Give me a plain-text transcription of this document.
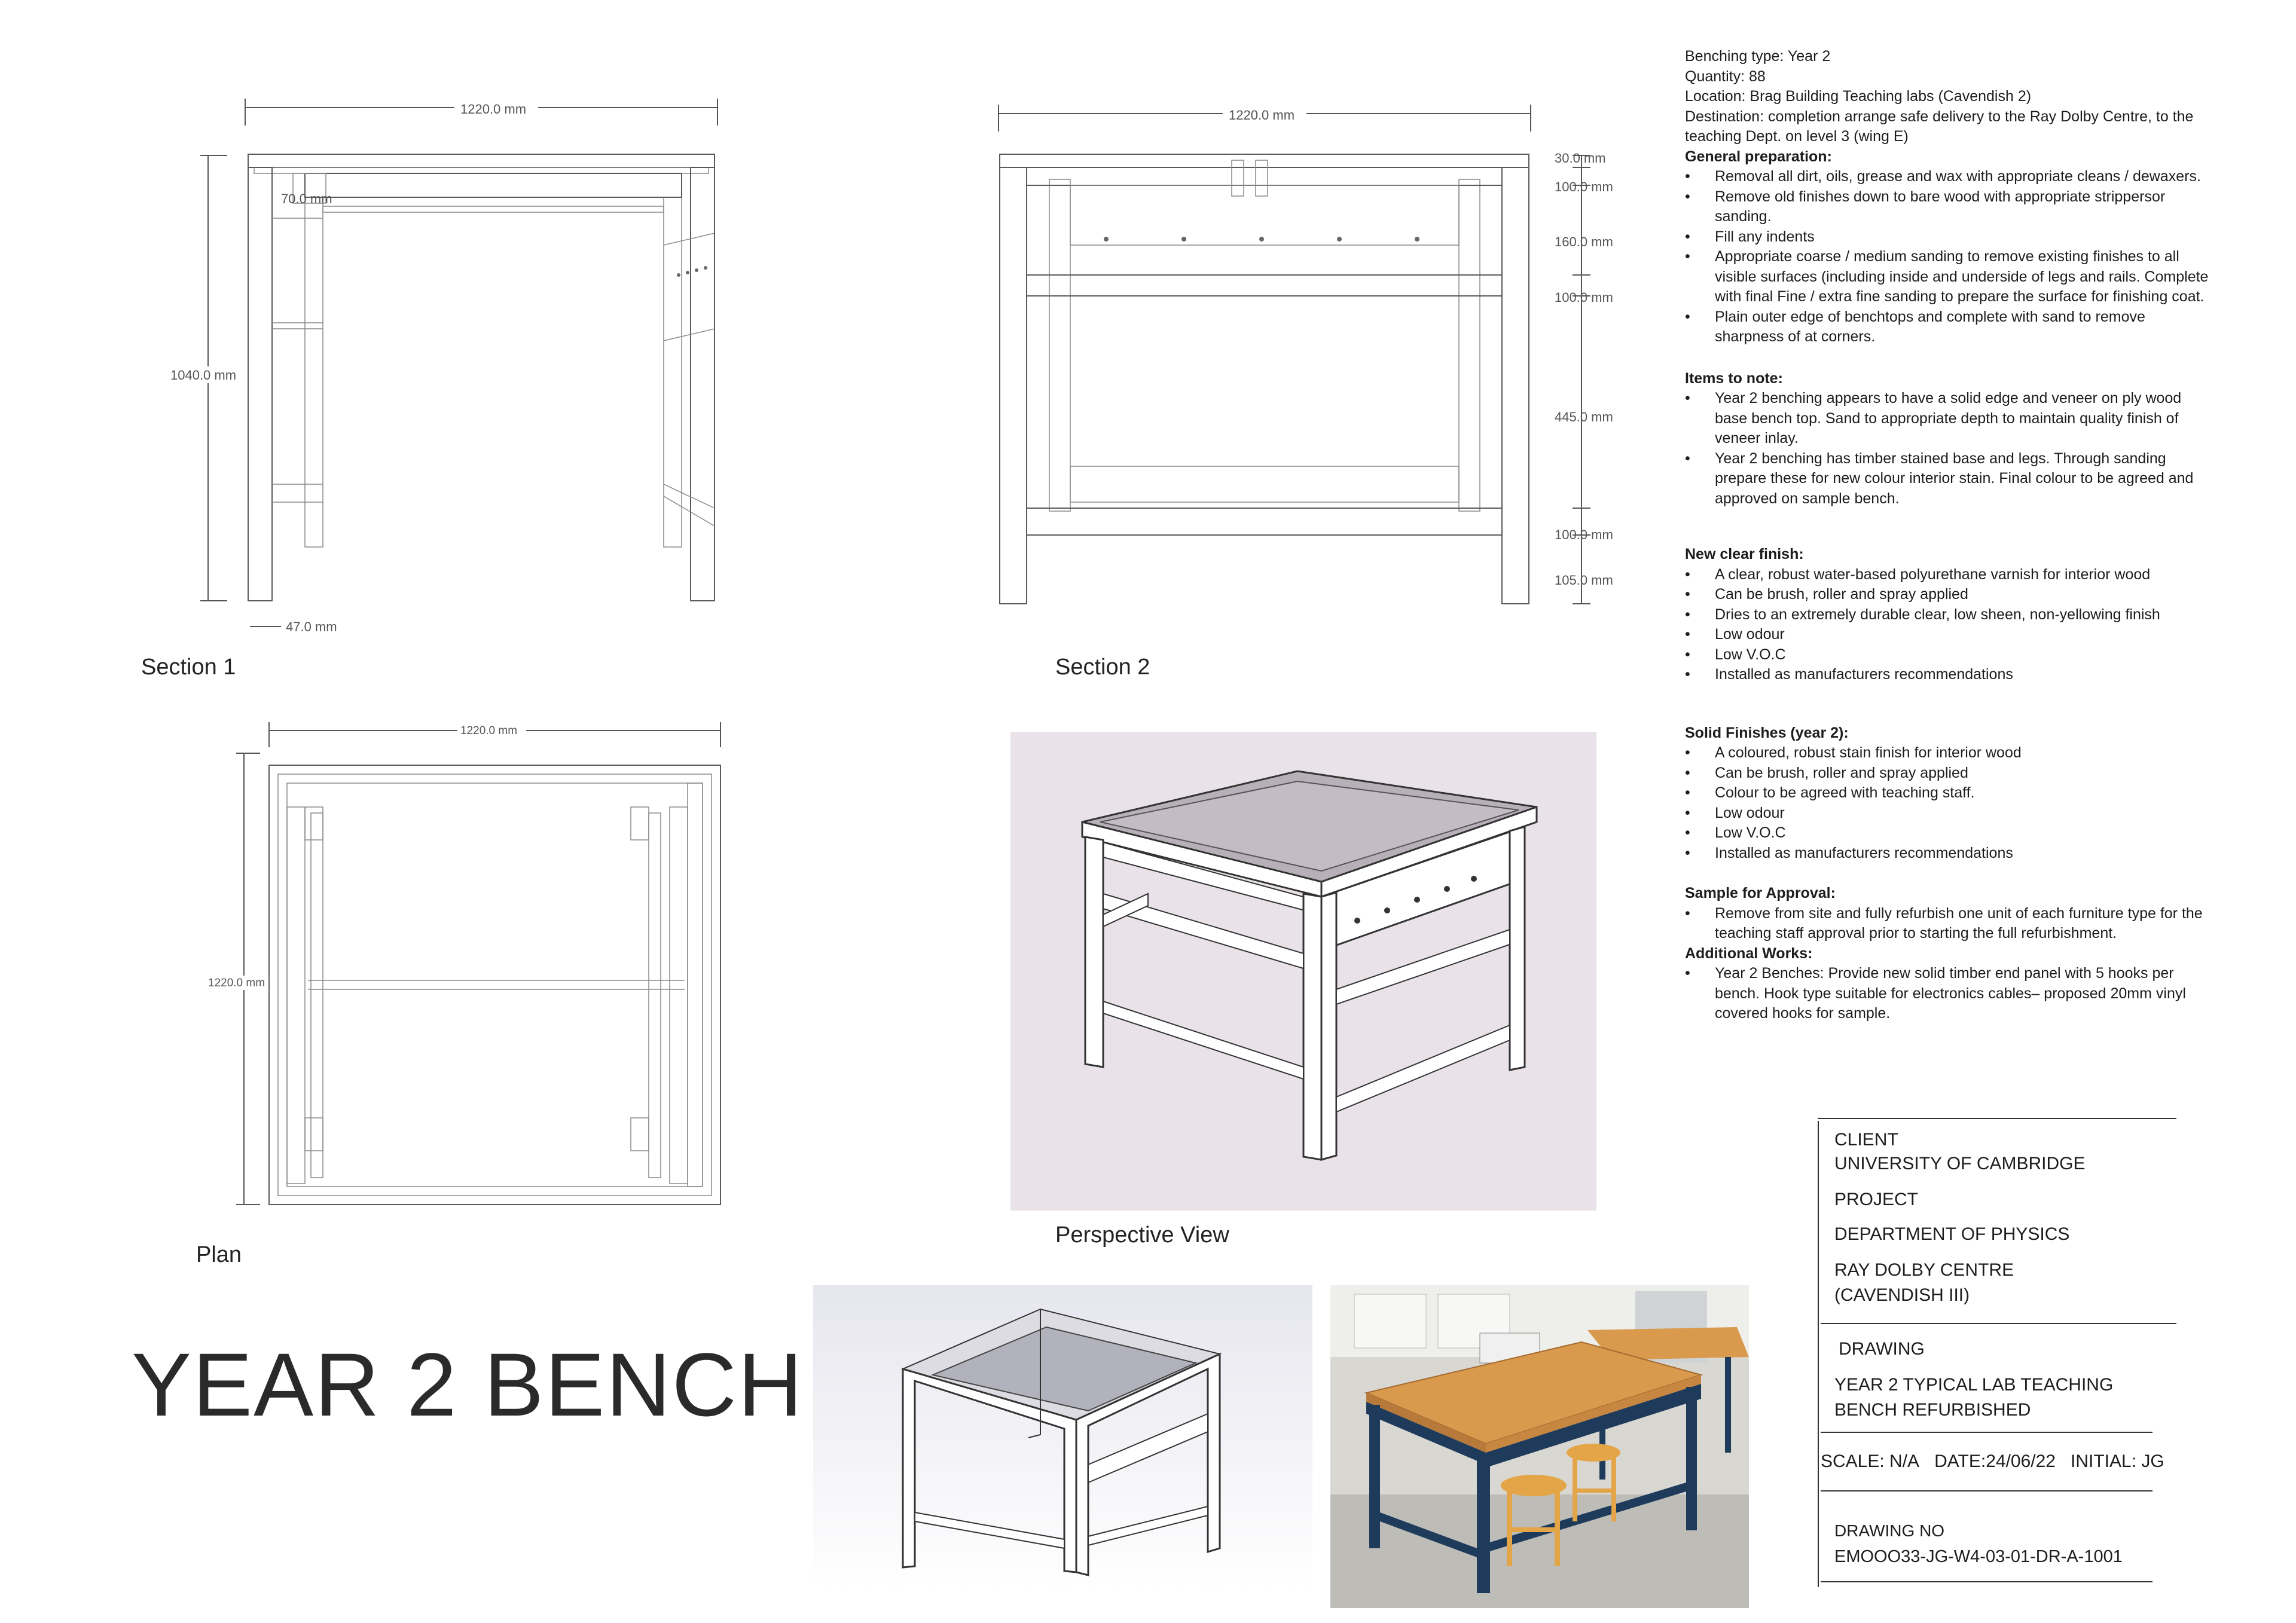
1220.0 mm
1040.0 mm
70.0 mm
47.0 mm
Section 1
1220.0 mm
30.0 mm
100.0 mm
160.0 mm
100.0 mm
445.0 mm
100.0 mm
105.0 mm
Section 2
1220.0 mm
1220.0 mm
Plan
Perspective View
YEAR 2 BENCH
Benching type: Year 2
Quantity: 88
Location: Brag Building Teaching labs (Cavendish 2)
Destination: completion arrange safe delivery to the Ray Dolby Centre, to the teaching Dept. on level 3 (wing E)
General preparation:
• Removal all dirt, oils, grease and wax with appropriate cleans / dewaxers.
• Remove old finishes down to bare wood with appropriate strippersor sanding.
• Fill any indents
• Appropriate coarse / medium sanding to remove existing finishes to all visible surfaces (including inside and underside of legs and rails. Complete with final Fine / extra fine sanding to prepare the surface for finishing coat.
• Plain outer edge of benchtops and complete with sand to remove sharpness of at corners.
Items to note:
• Year 2 benching appears to have a solid edge and veneer on ply wood base bench top. Sand to appropriate depth to maintain quality finish of veneer inlay.
• Year 2 benching has timber stained base and legs. Through sanding prepare these for new colour interior stain. Final colour to be agreed and approved on sample bench.
New clear finish:
• A clear, robust water-based polyurethane varnish for interior wood
• Can be brush, roller and spray applied
• Dries to an extremely durable clear, low sheen, non-yellowing finish
• Low odour
• Low V.O.C
• Installed as manufacturers recommendations
Solid Finishes (year 2):
• A coloured, robust stain finish for interior wood
• Can be brush, roller and spray applied
• Colour to be agreed with teaching staff.
• Low odour
• Low V.O.C
• Installed as manufacturers recommendations
Sample for Approval:
• Remove from site and fully refurbish one unit of each furniture type for the teaching staff approval prior to starting the full refurbishment.
Additional Works:
• Year 2 Benches: Provide new solid timber end panel with 5 hooks per bench. Hook type suitable for electronics cables– proposed 20mm vinyl covered hooks for sample.
CLIENT
UNIVERSITY OF CAMBRIDGE
PROJECT
DEPARTMENT OF PHYSICS
RAY DOLBY CENTRE
(CAVENDISH III)
DRAWING
YEAR 2 TYPICAL LAB TEACHING
BENCH REFURBISHED
SCALE: N/A DATE:24/06/22 INITIAL: JG
DRAWING NO
EMOOO33-JG-W4-03-01-DR-A-1001
